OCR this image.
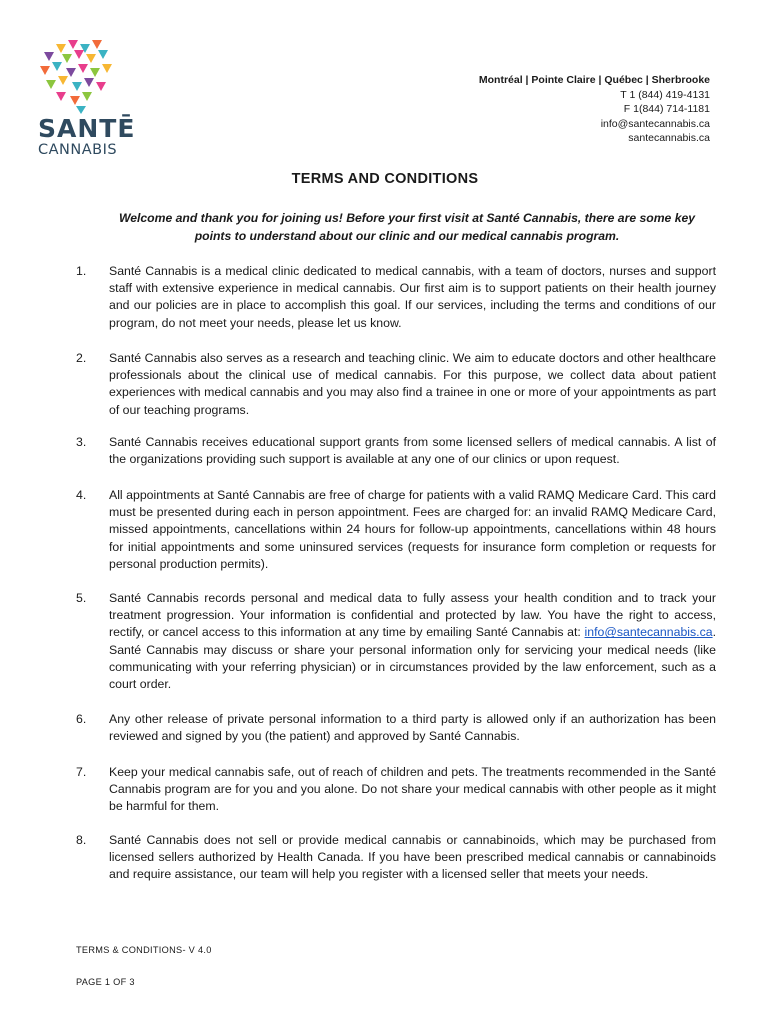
SANTĒ
CANNABIS
Montréal | Pointe Claire | Québec | Sherbrooke
T 1 (844) 419-4131
F 1(844) 714-1181
info@santecannabis.ca
santecannabis.ca
TERMS AND CONDITIONS
Welcome and thank you for joining us! Before your first visit at Santé Cannabis, there are some key points to understand about our clinic and our medical cannabis program.
1. Santé Cannabis is a medical clinic dedicated to medical cannabis, with a team of doctors, nurses and support staff with extensive experience in medical cannabis. Our first aim is to support patients on their health journey and our policies are in place to accomplish this goal. If our services, including the terms and conditions of our program, do not meet your needs, please let us know.
2. Santé Cannabis also serves as a research and teaching clinic. We aim to educate doctors and other healthcare professionals about the clinical use of medical cannabis. For this purpose, we collect data about patient experiences with medical cannabis and you may also find a trainee in one or more of your appointments as part of our teaching programs.
3. Santé Cannabis receives educational support grants from some licensed sellers of medical cannabis. A list of the organizations providing such support is available at any one of our clinics or upon request.
4. All appointments at Santé Cannabis are free of charge for patients with a valid RAMQ Medicare Card. This card must be presented during each in person appointment. Fees are charged for: an invalid RAMQ Medicare Card, missed appointments, cancellations within 24 hours for follow-up appointments, cancellations within 48 hours for initial appointments and some uninsured services (requests for insurance form completion or requests for personal production permits).
5. Santé Cannabis records personal and medical data to fully assess your health condition and to track your treatment progression. Your information is confidential and protected by law. You have the right to access, rectify, or cancel access to this information at any time by emailing Santé Cannabis at: info@santecannabis.ca. Santé Cannabis may discuss or share your personal information only for servicing your medical needs (like communicating with your referring physician) or in circumstances provided by the law enforcement, such as a court order.
6. Any other release of private personal information to a third party is allowed only if an authorization has been reviewed and signed by you (the patient) and approved by Santé Cannabis.
7. Keep your medical cannabis safe, out of reach of children and pets. The treatments recommended in the Santé Cannabis program are for you and you alone. Do not share your medical cannabis with other people as it might be harmful for them.
8. Santé Cannabis does not sell or provide medical cannabis or cannabinoids, which may be purchased from licensed sellers authorized by Health Canada. If you have been prescribed medical cannabis or cannabinoids and require assistance, our team will help you register with a licensed seller that meets your needs.
TERMS & CONDITIONS- V 4.0
PAGE 1 OF 3
